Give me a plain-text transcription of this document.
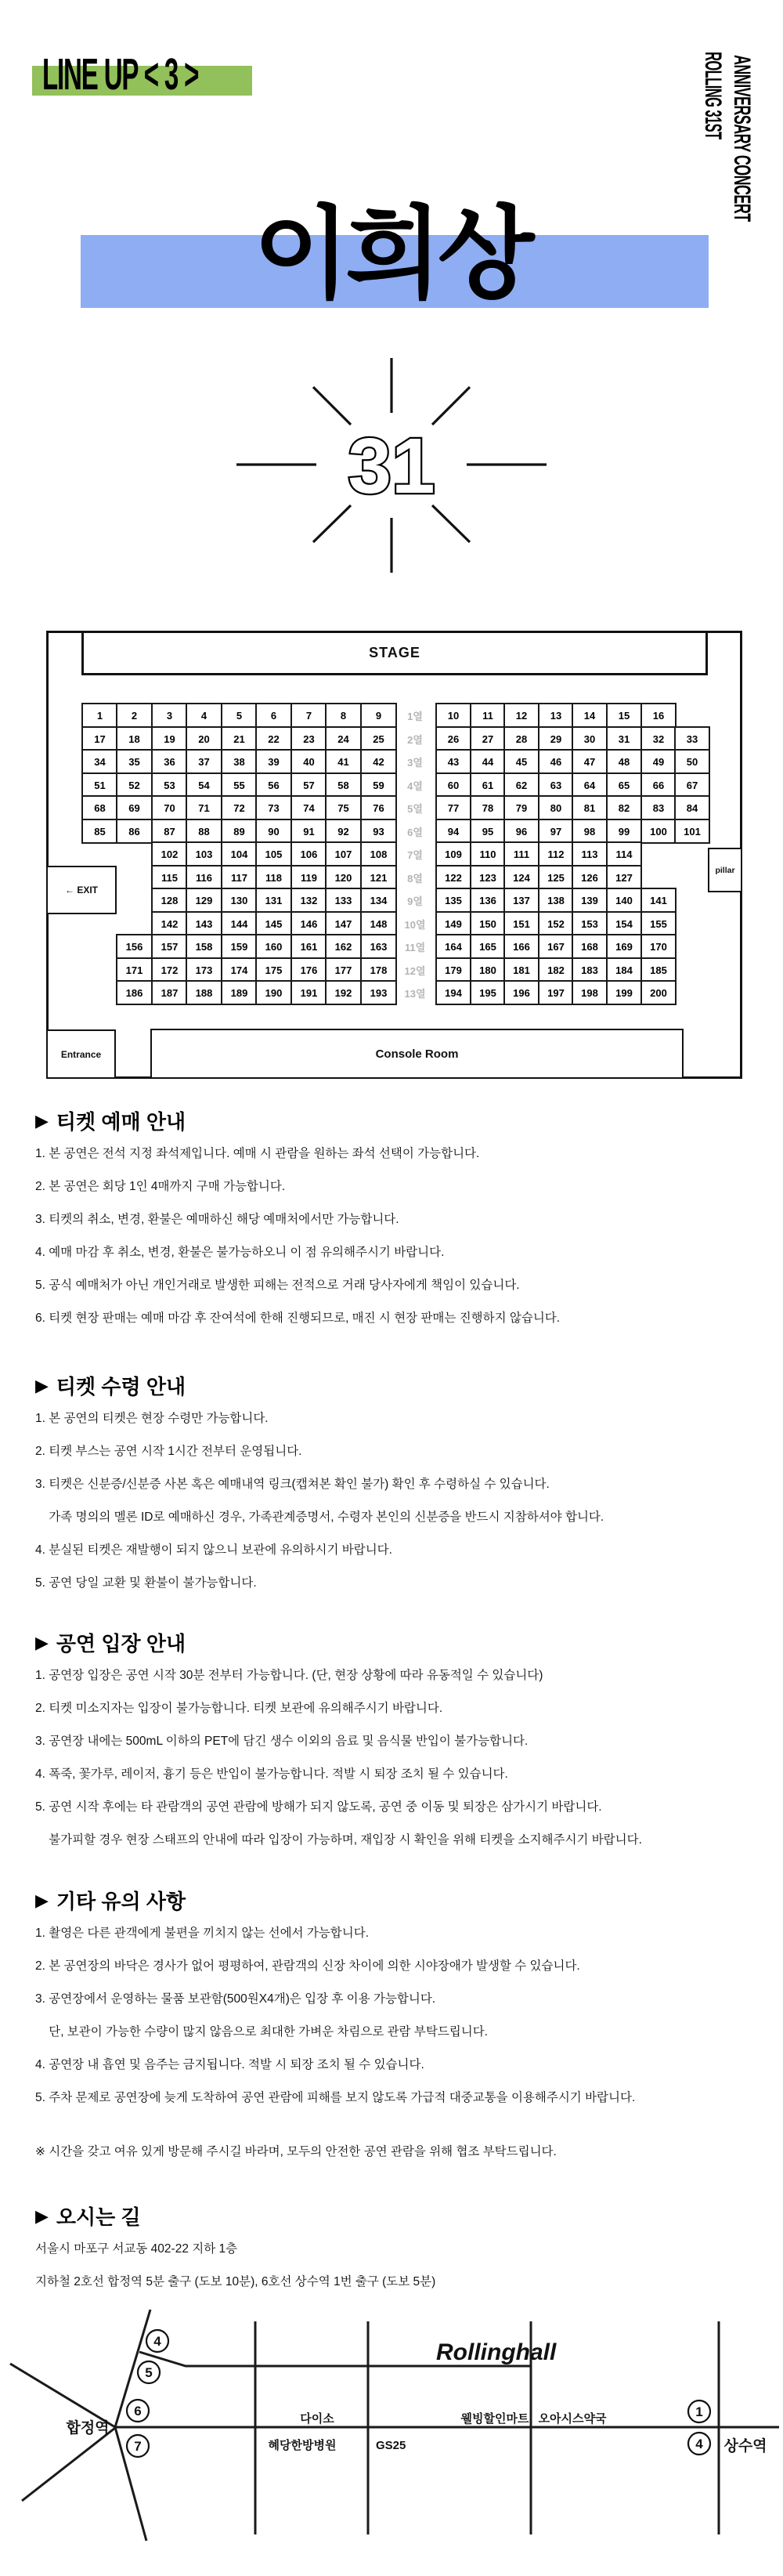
LINE UP < 3 >	ROLLING 31ST ANNIVERSARY CONCERT
이희상
31
STAGE
1	2	3	4	5	6	7	8	9	10	11	12	13	14	15	16
1열
17	18	19	20	21	22	23	24	25	26	27	28	29	30	31	32	33
2열
34	35	36	37	38	39	40	41	42	43	44	45	46	47	48	49	50
3열
51	52	53	54	55	56	57	58	59	60	61	62	63	64	65	66	67
4열
68	69	70	71	72	73	74	75	76	77	78	79	80	81	82	83	84
5열
85	86	87	88	89	90	91	92	93	94	95	96	97	98	99	100	101
6열
102	103	104	105	106	107	108	109	110	111	112	113	114
7열
115	116	117	118	119	120	121	122	123	124	125	126	127
8열
128	129	130	131	132	133	134	135	136	137	138	139	140	141
9열
142	143	144	145	146	147	148	149	150	151	152	153	154	155
10열
156	157	158	159	160	161	162	163	164	165	166	167	168	169	170
11열
171	172	173	174	175	176	177	178	179	180	181	182	183	184	185
12열
186	187	188	189	190	191	192	193	194	195	196	197	198	199	200
13열
← EXIT
pillar
Entrance	Console Room
▶ 티켓 예매 안내
1. 본 공연은 전석 지정 좌석제입니다. 예매 시 관람을 원하는 좌석 선택이 가능합니다.
2. 본 공연은 회당 1인 4매까지 구매 가능합니다.
3. 티켓의 취소, 변경, 환불은 예매하신 해당 예매처에서만 가능합니다.
4. 예매 마감 후 취소, 변경, 환불은 불가능하오니 이 점 유의해주시기 바랍니다.
5. 공식 예매처가 아닌 개인거래로 발생한 피해는 전적으로 거래 당사자에게 책임이 있습니다.
6. 티켓 현장 판매는 예매 마감 후 잔여석에 한해 진행되므로, 매진 시 현장 판매는 진행하지 않습니다.
▶ 티켓 수령 안내
1. 본 공연의 티켓은 현장 수령만 가능합니다.
2. 티켓 부스는 공연 시작 1시간 전부터 운영됩니다.
3. 티켓은 신분증/신분증 사본 혹은 예매내역 링크(캡쳐본 확인 불가) 확인 후 수령하실 수 있습니다.
가족 명의의 멜론 ID로 예매하신 경우, 가족관계증명서, 수령자 본인의 신분증을 반드시 지참하셔야 합니다.
4. 분실된 티켓은 재발행이 되지 않으니 보관에 유의하시기 바랍니다.
5. 공연 당일 교환 및 환불이 불가능합니다.
▶ 공연 입장 안내
1. 공연장 입장은 공연 시작 30분 전부터 가능합니다. (단, 현장 상황에 따라 유동적일 수 있습니다)
2. 티켓 미소지자는 입장이 불가능합니다. 티켓 보관에 유의해주시기 바랍니다.
3. 공연장 내에는 500mL 이하의 PET에 담긴 생수 이외의 음료 및 음식물 반입이 불가능합니다.
4. 폭죽, 꽃가루, 레이저, 흉기 등은 반입이 불가능합니다. 적발 시 퇴장 조치 될 수 있습니다.
5. 공연 시작 후에는 타 관람객의 공연 관람에 방해가 되지 않도록, 공연 중 이동 및 퇴장은 삼가시기 바랍니다.
불가피할 경우 현장 스태프의 안내에 따라 입장이 가능하며, 재입장 시 확인을 위해 티켓을 소지해주시기 바랍니다.
▶ 기타 유의 사항
1. 촬영은 다른 관객에게 불편을 끼치지 않는 선에서 가능합니다.
2. 본 공연장의 바닥은 경사가 없어 평평하여, 관람객의 신장 차이에 의한 시야장애가 발생할 수 있습니다.
3. 공연장에서 운영하는 물품 보관함(500원X4개)은 입장 후 이용 가능합니다.
단, 보관이 가능한 수량이 많지 않음으로 최대한 가벼운 차림으로 관람 부탁드립니다.
4. 공연장 내 흡연 및 음주는 금지됩니다. 적발 시 퇴장 조치 될 수 있습니다.
5. 주차 문제로 공연장에 늦게 도착하여 공연 관람에 피해를 보지 않도록 가급적 대중교통을 이용해주시기 바랍니다.
※ 시간을 갖고 여유 있게 방문해 주시길 바라며, 모두의 안전한 공연 관람을 위해 협조 부탁드립니다.
▶ 오시는 길
서울시 마포구 서교동 402-22 지하 1층
지하철 2호선 합정역 5분 출구 (도보 10분), 6호선 상수역 1번 출구 (도보 5분)
Rollinghall
합정역
상수역
다이소	웰빙할인마트 오아시스약국
혜당한방병원	GS25
4
5
6
7
1
4
